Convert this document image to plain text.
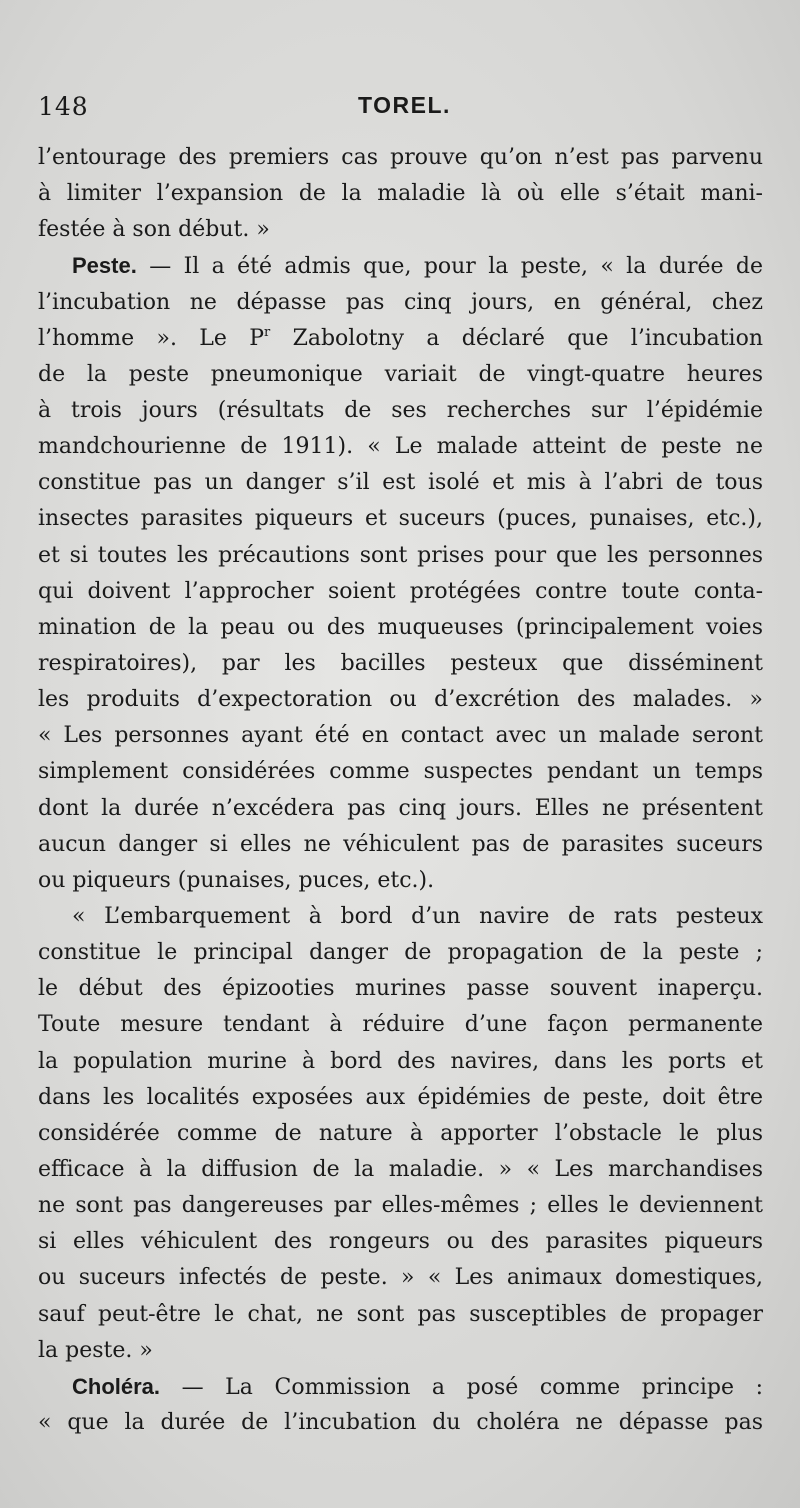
148	TOREL.
l’entourage des premiers cas prouve qu’on n’est pas parvenu
à limiter l’expansion de la maladie là où elle s’était mani-
festée à son début. »
Peste. — Il a été admis que, pour la peste, « la durée de
l’incubation ne dépasse pas cinq jours, en général, chez
l’homme ». Le $P^r$ Zabolotny a déclaré que l’incubation
de la peste pneumonique variait de vingt-quatre heures
à trois jours (résultats de ses recherches sur l’épidémie
mandchourienne de 1911). « Le malade atteint de peste ne
constitue pas un danger s’il est isolé et mis à l’abri de tous
insectes parasites piqueurs et suceurs (puces, punaises, etc.),
et si toutes les précautions sont prises pour que les personnes
qui doivent l’approcher soient protégées contre toute conta-
mination de la peau ou des muqueuses (principalement voies
respiratoires), par les bacilles pesteux que disséminent
les produits d’expectoration ou d’excrétion des malades. »
« Les personnes ayant été en contact avec un malade seront
simplement considérées comme suspectes pendant un temps
dont la durée n’excédera pas cinq jours. Elles ne présentent
aucun danger si elles ne véhiculent pas de parasites suceurs
ou piqueurs (punaises, puces, etc.).
« L’embarquement à bord d’un navire de rats pesteux
constitue le principal danger de propagation de la peste ;
le début des épizooties murines passe souvent inaperçu.
Toute mesure tendant à réduire d’une façon permanente
la population murine à bord des navires, dans les ports et
dans les localités exposées aux épidémies de peste, doit être
considérée comme de nature à apporter l’obstacle le plus
efficace à la diffusion de la maladie. » « Les marchandises
ne sont pas dangereuses par elles-mêmes ; elles le deviennent
si elles véhiculent des rongeurs ou des parasites piqueurs
ou suceurs infectés de peste. » « Les animaux domestiques,
sauf peut-être le chat, ne sont pas susceptibles de propager
la peste. »
Choléra. — La Commission a posé comme principe :
« que la durée de l’incubation du choléra ne dépasse pas
